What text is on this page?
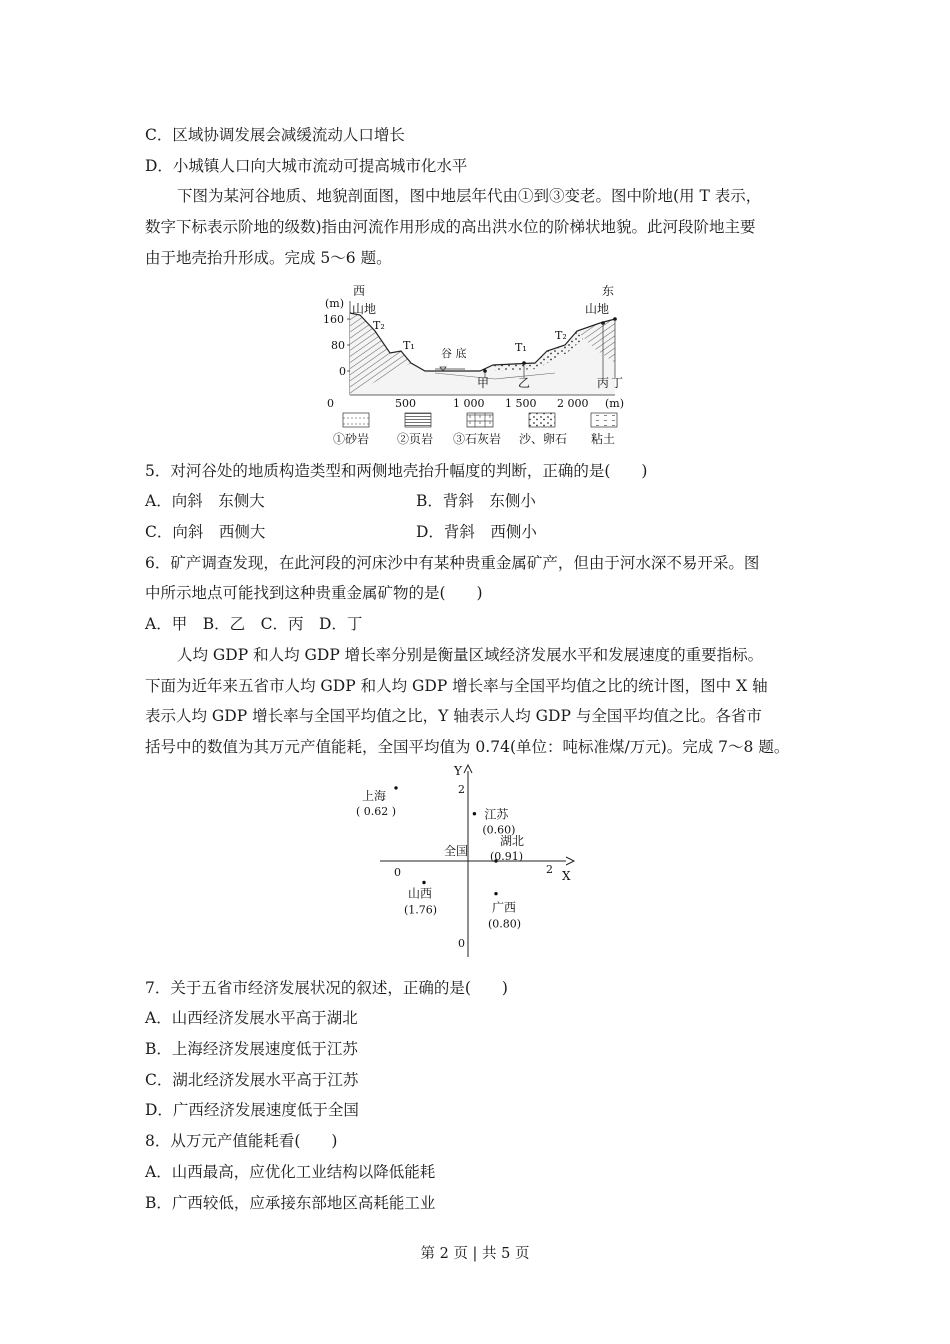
C．区域协调发展会减缓流动人口增长
D．小城镇人口向大城市流动可提高城市化水平
下图为某河谷地质、地貌剖面图，图中地层年代由①到③变老。图中阶地(用 T 表示，
数字下标表示阶地的级数)指由河流作用形成的高出洪水位的阶梯状地貌。此河段阶地主要
由于地壳抬升形成。完成 5～6 题。
西	东
(m) 山地	山地
160
80
0
T₂
T₁	T₁
T₂
谷 底
甲 乙	丙 丁
0	500	1 000 1 500 2 000 (m)
①砂岩 ②页岩 ③石灰岩 沙、卵石 粘土
5．对河谷处的地质构造类型和两侧地壳抬升幅度的判断，正确的是(　　)
A．向斜　东侧大	B．背斜　东侧小
C．向斜　西侧大	D．背斜　西侧小
6．矿产调查发现，在此河段的河床沙中有某种贵重金属矿产，但由于河水深不易开采。图
中所示地点可能找到这种贵重金属矿物的是(　　)
A．甲　B．乙　C．丙　D．丁
人均 GDP 和人均 GDP 增长率分别是衡量区域经济发展水平和发展速度的重要指标。
下面为近年来五省市人均 GDP 和人均 GDP 增长率与全国平均值之比的统计图，图中 X 轴
表示人均 GDP 增长率与全国平均值之比，Y 轴表示人均 GDP 与全国平均值之比。各省市
括号中的数值为其万元产值能耗，全国平均值为 0.74(单位：吨标准煤/万元)。完成 7～8 题。
X
Y
0	2
2
0
上海
( 0.62 )	江苏
(0.60)
湖北
(0.91)
全国
山西
(1.76)	广西
(0.80)
7．关于五省市经济发展状况的叙述，正确的是(　　)
A．山西经济发展水平高于湖北
B．上海经济发展速度低于江苏
C．湖北经济发展水平高于江苏
D．广西经济发展速度低于全国
8．从万元产值能耗看(　　)
A．山西最高，应优化工业结构以降低能耗
B．广西较低，应承接东部地区高耗能工业
第 2 页 | 共 5 页
